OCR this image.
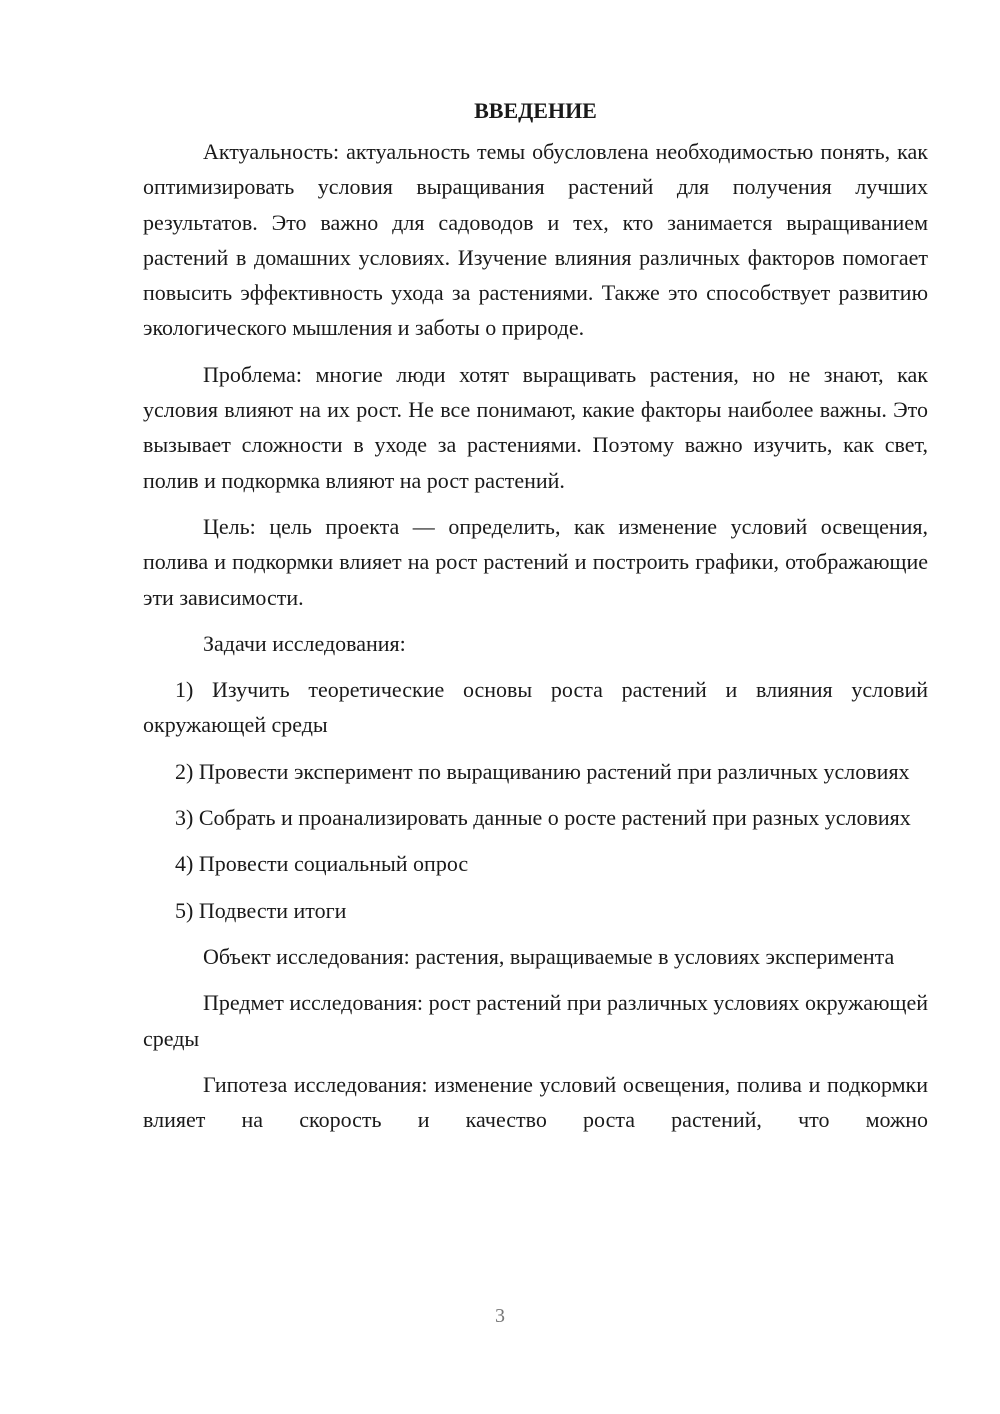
ВВЕДЕНИЕ

Актуальность: актуальность темы обусловлена необходимостью понять, как оптимизировать условия выращивания растений для получения лучших результатов. Это важно для садоводов и тех, кто занимается выращиванием растений в домашних условиях. Изучение влияния различных факторов помогает повысить эффективность ухода за растениями. Также это способствует развитию экологического мышления и заботы о природе.

Проблема: многие люди хотят выращивать растения, но не знают, как условия влияют на их рост. Не все понимают, какие факторы наиболее важны. Это вызывает сложности в уходе за растениями. Поэтому важно изучить, как свет, полив и подкормка влияют на рост растений.

Цель: цель проекта — определить, как изменение условий освещения, полива и подкормки влияет на рост растений и построить графики, отображающие эти зависимости.

Задачи исследования:

1) Изучить теоретические основы роста растений и влияния условий окружающей среды

2) Провести эксперимент по выращиванию растений при различных условиях

3) Собрать и проанализировать данные о росте растений при разных условиях

4) Провести социальный опрос

5) Подвести итоги

Объект исследования: растения, выращиваемые в условиях эксперимента

Предмет исследования: рост растений при различных условиях окружающей среды

Гипотеза исследования: изменение условий освещения, полива и подкормки влияет на скорость и качество роста растений, что можно

3
